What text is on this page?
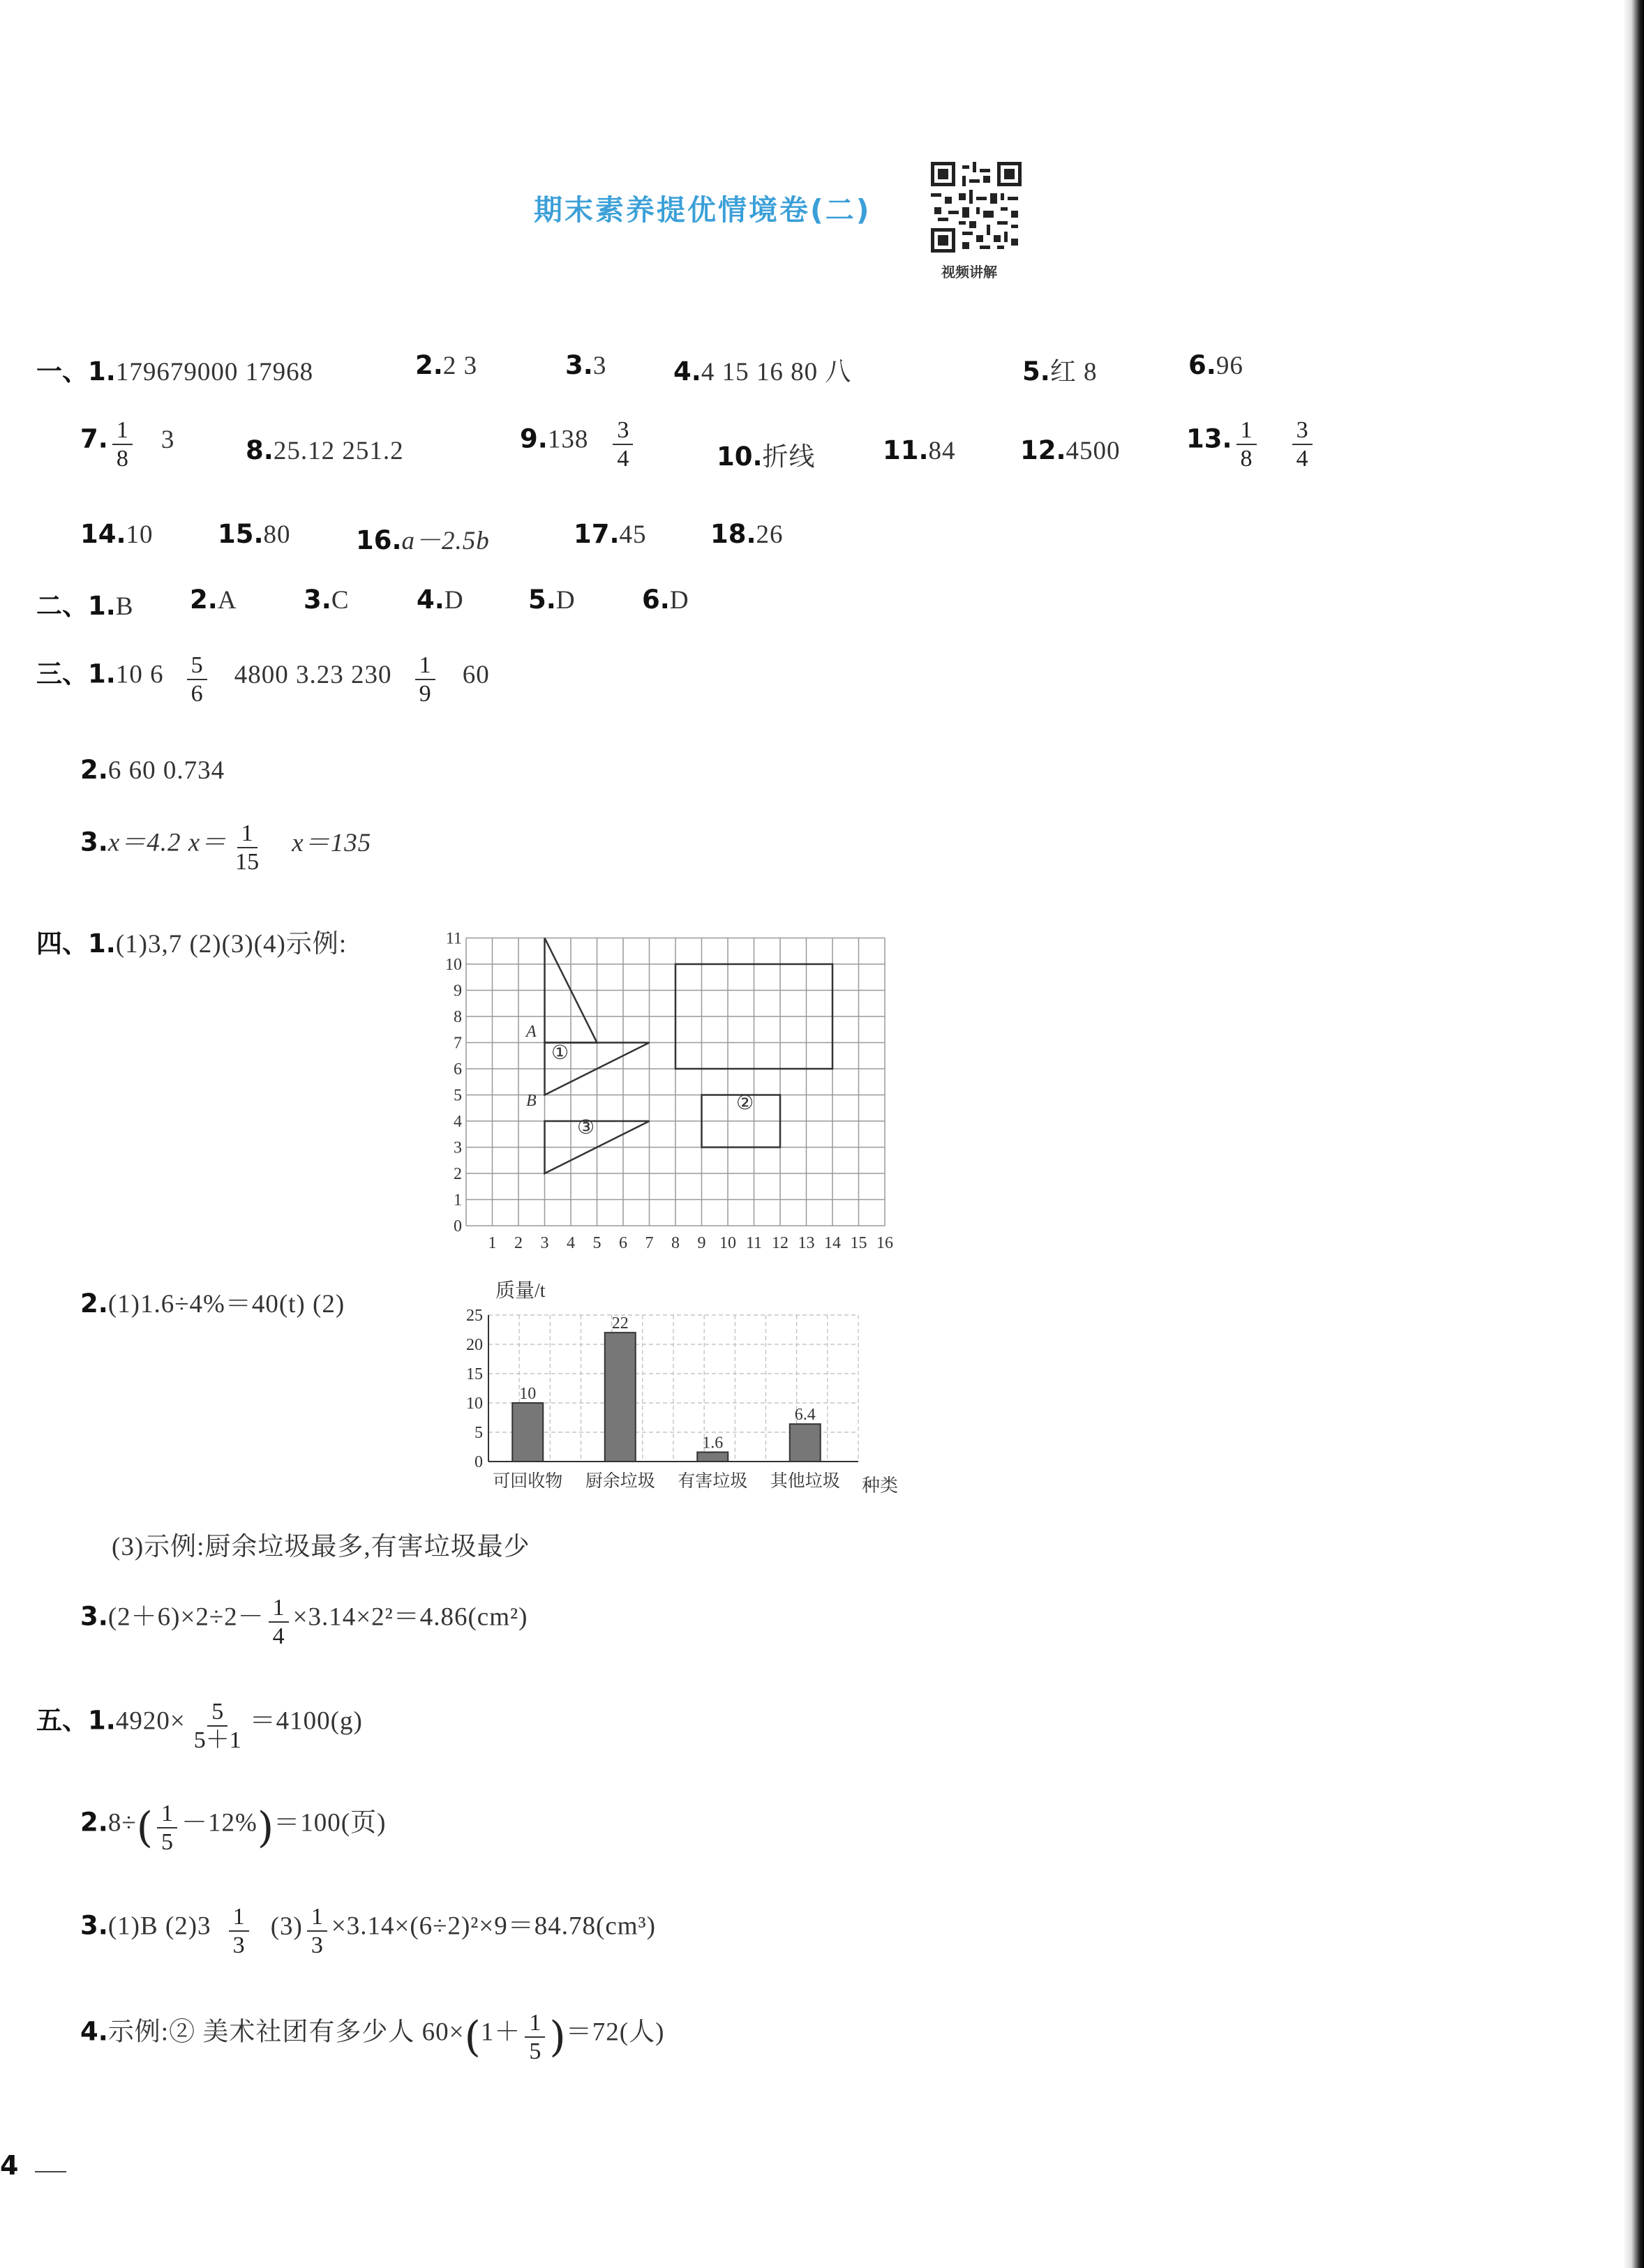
期末素养提优情境卷(二)
视频讲解
一、1.179679000 17968	2.2 3	3.3	4.4 15 16 80 八	5.红 8	6.96
7. $\frac{1}{8} 3$	8.25.12 251.2	$9.138 \frac{3}{4}$	10.折线	11.84 12.4500	13. $\frac{1}{8}$
$\frac{3}{4}$
14.10 15.80	16.a－2.5b	17.45 18.26
二、1.B 2.A	3.C	4.D 5.D	6.D
三、1.10 $6 \frac{5}{6} 4800$ 3.23 $230 \frac{1}{9} 60$
2.6 60 0.734
3.x＝4.2 $x= \frac{1}{15} x=135$
四、1.(1)3,7 (2)(3)(4)示例:
0
1
2
3
4
5
6
7
8
9
10
11
1 2 3 4 5 6 7 8 9 10 11 12 13 14 15 16
A
B
①
②
③
2.(1)1.6÷4%＝40(t) (2)
0
5
10
15
20
25
10
22
1.6
6.4
可回收物 厨余垃圾 有害垃圾 其他垃圾
质量/t
种类
(3)示例:厨余垃圾最多,有害垃圾最少
$3.(2+6)\times 2\div 2- \frac{1}{4} \times 3.14\times 2^2=4.86(cm^2)$
五、$1.4920\times \frac{5}{5+1} =4100(g)$
$2.8\div( \frac{1}{5} -12\%)=100$(页)
3.(1)B $(2)3 \frac{1}{3} (3) \frac{1}{3} \times 3.14\times(6\div 2)^2\times 9=84.78(cm^3)$
4.示例:② 美术社团有多少人 $60\times(1+ \frac{1}{5} )=72$(人)
4
